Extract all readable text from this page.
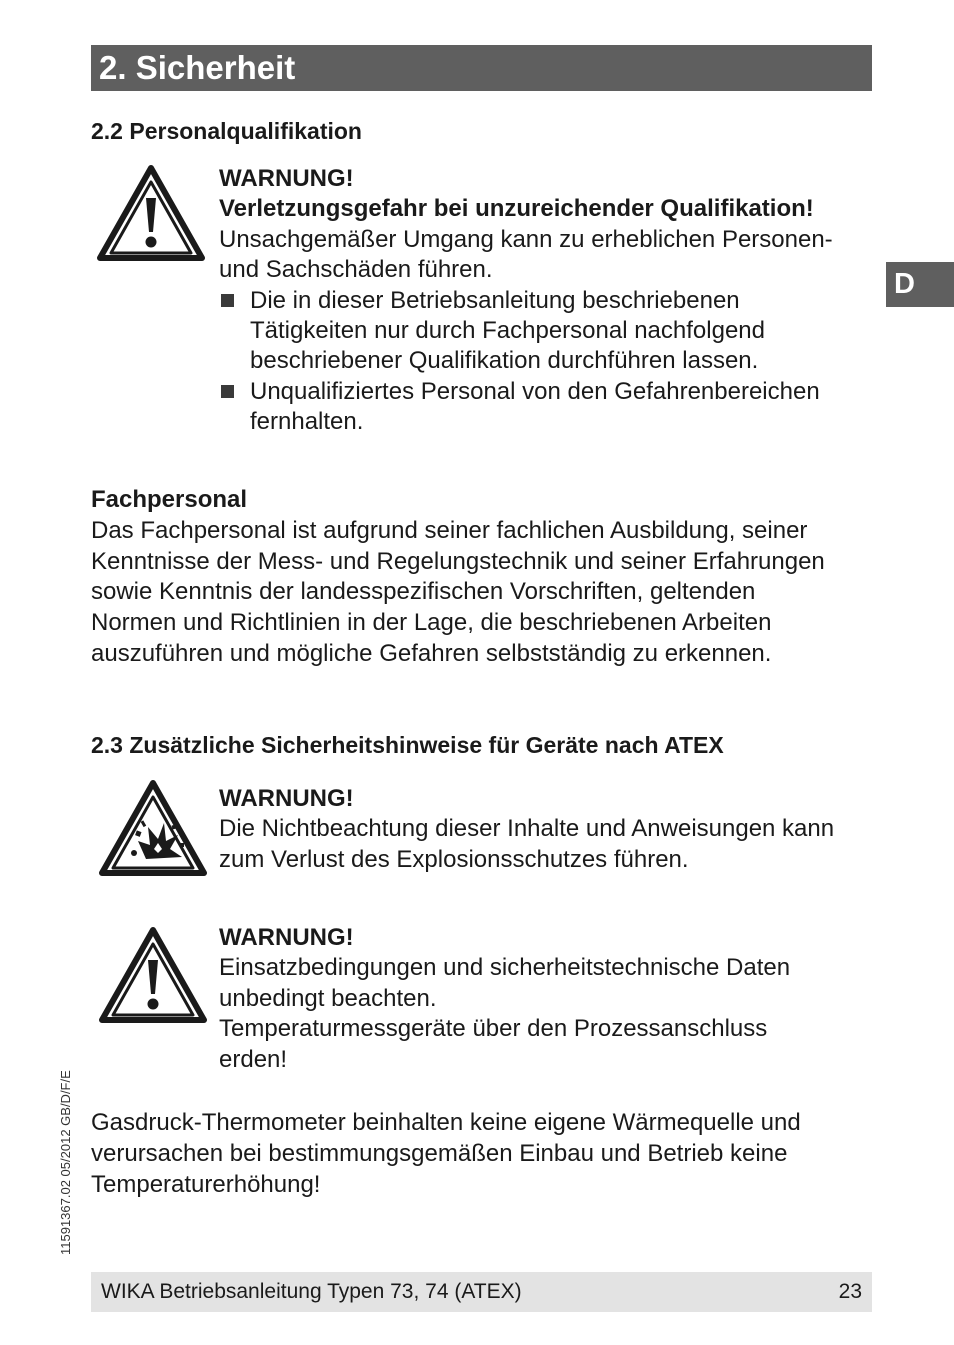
2. Sicherheit
D
2.2 Personalqualifikation
WARNUNG!
Verletzungsgefahr bei unzureichender Qualifikation!
Unsachgemäßer Umgang kann zu erheblichen Personen-
und Sachschäden führen.
Die in dieser Betriebsanleitung beschriebenen
Tätigkeiten nur durch Fachpersonal nachfolgend
beschriebener Qualifikation durchführen lassen.
Unqualifiziertes Personal von den Gefahrenbereichen
fernhalten.
Fachpersonal
Das Fachpersonal ist aufgrund seiner fachlichen Ausbildung, seiner
Kenntnisse der Mess- und Regelungstechnik und seiner Erfahrungen
sowie Kenntnis der landesspezifischen Vorschriften, geltenden
Normen und Richtlinien in der Lage, die beschriebenen Arbeiten
auszuführen und mögliche Gefahren selbstständig zu erkennen.
2.3 Zusätzliche Sicherheitshinweise für Geräte nach ATEX
WARNUNG!
Die Nichtbeachtung dieser Inhalte und Anweisungen kann
zum Verlust des Explosionsschutzes führen.
WARNUNG!
Einsatzbedingungen und sicherheitstechnische Daten
unbedingt beachten.
Temperaturmessgeräte über den Prozessanschluss
erden!
Gasdruck-Thermometer beinhalten keine eigene Wärmequelle und
verursachen bei bestimmungsgemäßen Einbau und Betrieb keine
Temperaturerhöhung!
11591367.02 05/2012 GB/D/F/E
WIKA Betriebsanleitung Typen 73, 74 (ATEX)	23
